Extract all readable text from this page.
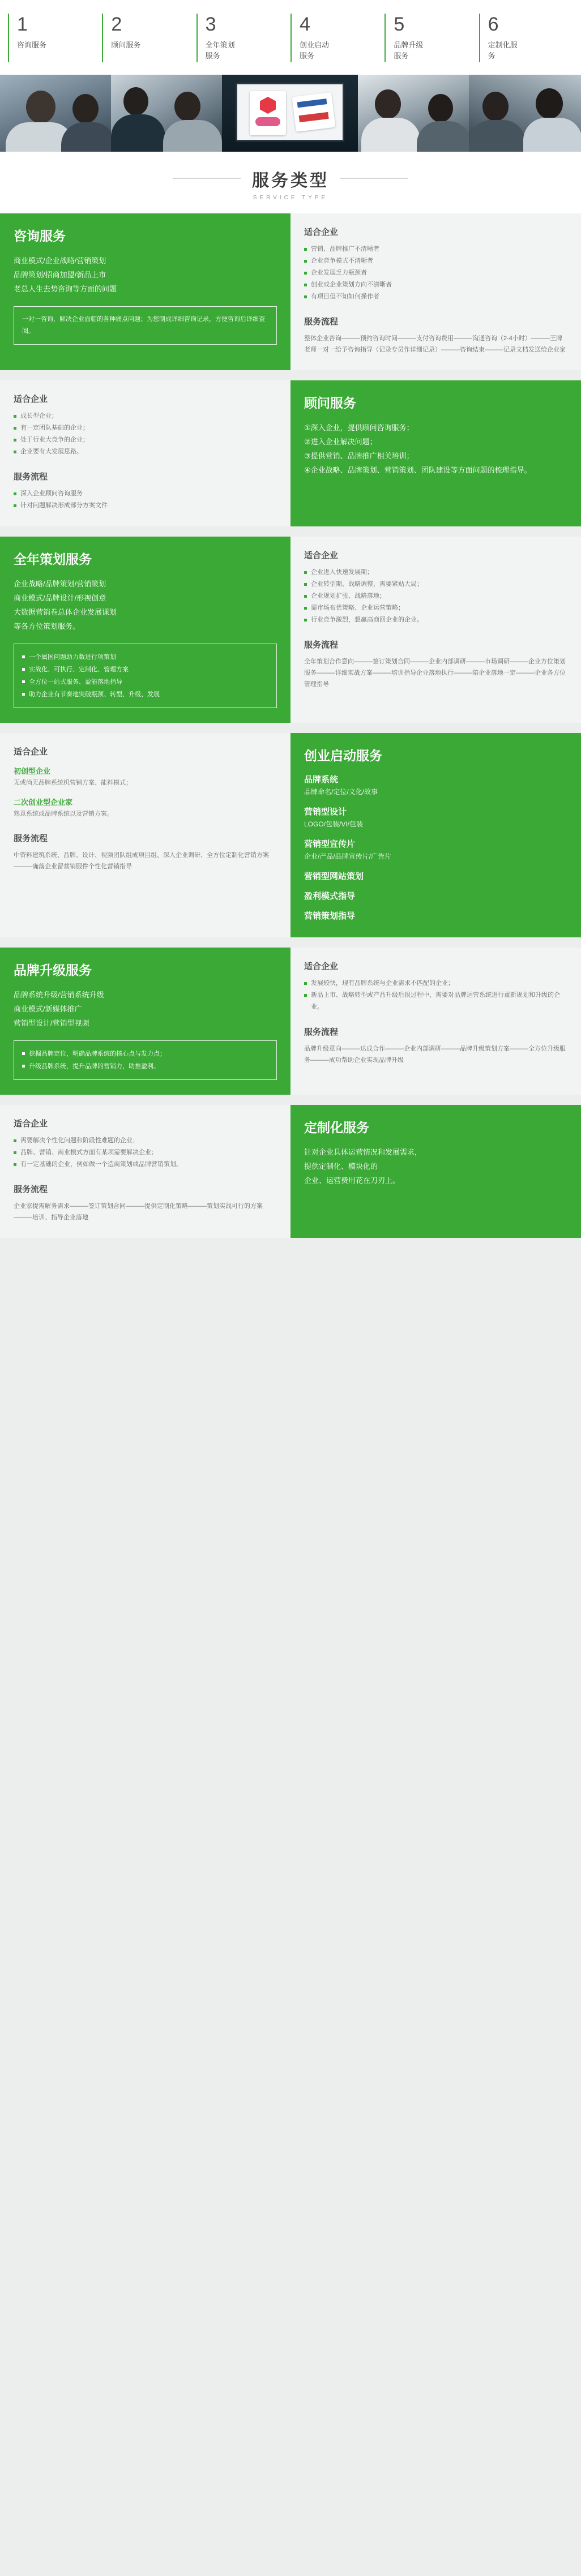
1
咨询服务
2
顾问服务
3
全年策划服务
4
创业启动服务
5
品牌升级服务
6
定制化服务
服务类型
SERVICE TYPE
咨询服务
商业模式/企业战略/营销策划
品牌策划/招商加盟/新品上市
老总人生去势咨询等方面的问题
一对一咨询，解决企业面临的各种痛点问题；为您制成详细咨询记录，方便咨询后详细查阅。
适合企业
营销、品牌推广不清晰者
企业竞争模式不清晰者
企业发展乏力瓶颈者
创业或企业策划方向不清晰者
有项目但不知如何操作者
服务流程
整体企业咨询———预约咨询时间———支付咨询费用———沟通咨询（2-4小时）———王牌老师一对一给予咨询指导（记录专员作详细记录）———咨询结束———记录文档发送给企业家
适合企业
成长型企业；
有一定团队基础的企业；
处于行业大竞争的企业；
企业要有大发展思路。
服务流程
深入企业顾问咨询服务
针对问题解决形成部分方案文件
顾问服务
①深入企业，提供顾问咨询服务；
②进入企业解决问题；
③提供营销、品牌推广相关培训；
④企业战略、品牌策划、营销策划、团队建设等方面问题的梳理指导。
全年策划服务
企业战略/品牌策划/营销策划
商业模式/品牌设计/形视创意
大数据营销卷总体企业发展课划
等各方位策划服务。
一个属国问题助力数进行项策划
实战化、可执行、定制化、管理方案
全方位一站式服务、盈能落地指导
助力企业有节奏地突破瓶颈、转型、升级、发展
适合企业
企业进入快速发展期；
企业转型期、战略调整，需要紧贴大局；
企业规划扩张、战略落地；
需市场布优策略、企业运营策略；
行业竞争激烈，想赢高商回企业的企业。
服务流程
全年策划合作意向———签订策划合同———企业内部调研———市场调研———企业方位策划服务———详细实战方案———培训指导企业落地执行———陪企业落地一定———企业各方位管理指导
适合企业
初创型企业
无或尚无品牌系统机营销方案、能料模式；
二次创业型企业家
熟意系统或品牌系统以及营销方案。
服务流程
中资料建筑系统、品牌、设计、视频团队组成项目组、深入企业调研、全方位定制化营销方案———确落企业留营销服件个性化营销指导
创业启动服务
品牌系统
品牌命名/定位/文化/故事
营销型设计
LOGO/包装/VI/包装
营销型宣传片
企业/产品/品牌宣传片/广告片
营销型网站策划
盈利模式指导
营销策划指导
品牌升级服务
品牌系统升级/营销系统升级
商业模式/新媒体推广
营销型设计/营销型视频
挖掘品牌定位，明确品牌系统的核心点与发力点；
升级品牌系统，提升品牌的营销力，助推盈利。
适合企业
发展较快，现有品牌系统与企业需求不匹配的企业；
新品上市、战略转型或产品升级后很过程中，需要对品牌运营系统进行重新规划和升级的企业。
服务流程
品牌升级意向———达成合作———企业内部调研———品牌升级策划方案———全方位升级服务———成功帮助企业实现品牌升级
适合企业
需要解决个性化问题和阶段性难题的企业；
品牌、营销、商业模式方面有某项需要解决企业；
有一定基础的企业，例如做一个造商策划或品牌营销策划。
服务流程
企业家提需解务需求———签订策划合同———提供定制化策略———策划实战可行的方案———培训、指导企业落地
定制化服务
针对企业具体运营情况和发展需求，
提供定制化、模块化的
企业、运营费用花在刀刃上。
